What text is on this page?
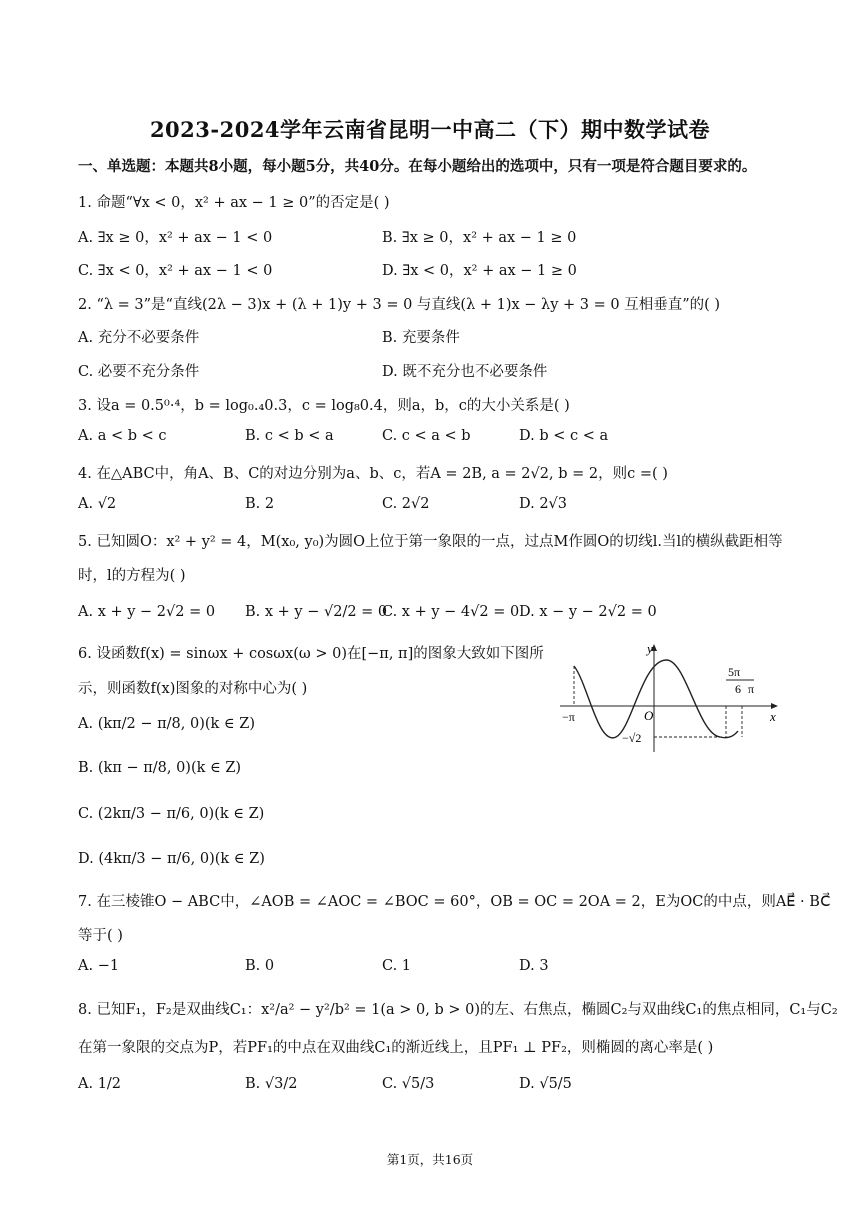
2023-2024学年云南省昆明一中高二（下）期中数学试卷
一、单选题：本题共8小题，每小题5分，共40分。在每小题给出的选项中，只有一项是符合题目要求的。
1. 命题“∀x < 0，x² + ax − 1 ≥ 0”的否定是( )
A. ∃x ≥ 0，x² + ax − 1 < 0	B. ∃x ≥ 0，x² + ax − 1 ≥ 0
C. ∃x < 0，x² + ax − 1 < 0	D. ∃x < 0，x² + ax − 1 ≥ 0
2. “λ = 3”是“直线(2λ − 3)x + (λ + 1)y + 3 = 0 与直线(λ + 1)x − λy + 3 = 0 互相垂直”的( )
A. 充分不必要条件	B. 充要条件
C. 必要不充分条件	D. 既不充分也不必要条件
3. 设a = 0.5⁰·⁴，b = log₀.₄0.3，c = log₈0.4，则a，b，c的大小关系是( )
A. a < b < c	B. c < b < a	C. c < a < b	D. b < c < a
4. 在△ABC中，角A、B、C的对边分别为a、b、c，若A = 2B, a = 2√2, b = 2，则c =( )
A. √2	B. 2	C. 2√2	D. 2√3
5. 已知圆O：x² + y² = 4，M(x₀, y₀)为圆O上位于第一象限的一点，过点M作圆O的切线l.当l的横纵截距相等
时，l的方程为( )
A. x + y − 2√2 = 0 B. x + y − √2/2 = 0
C. x + y − 4√2 = 0 D. x − y − 2√2 = 0
6. 设函数f(x) = sinωx + cosωx(ω > 0)在[−π, π]的图象大致如下图所
示，则函数f(x)图象的对称中心为( )
A. (kπ/2 − π/8, 0)(k ∈ Z)
B. (kπ − π/8, 0)(k ∈ Z)
C. (2kπ/3 − π/6, 0)(k ∈ Z)
D. (4kπ/3 − π/6, 0)(k ∈ Z)
y
x
O
−π
5π
6 π
−√2
7. 在三棱锥O − ABC中，∠AOB = ∠AOC = ∠BOC = 60°，OB = OC = 2OA = 2，E为OC的中点，则AE⃗ · BC⃗
等于( )
A. −1	B. 0	C. 1	D. 3
8. 已知F₁，F₂是双曲线C₁：x²/a² − y²/b² = 1(a > 0, b > 0)的左、右焦点，椭圆C₂与双曲线C₁的焦点相同，C₁与C₂
在第一象限的交点为P，若PF₁的中点在双曲线C₁的渐近线上，且PF₁ ⊥ PF₂，则椭圆的离心率是( )
A. 1/2	B. √3/2	C. √5/3	D. √5/5
第1页，共16页
